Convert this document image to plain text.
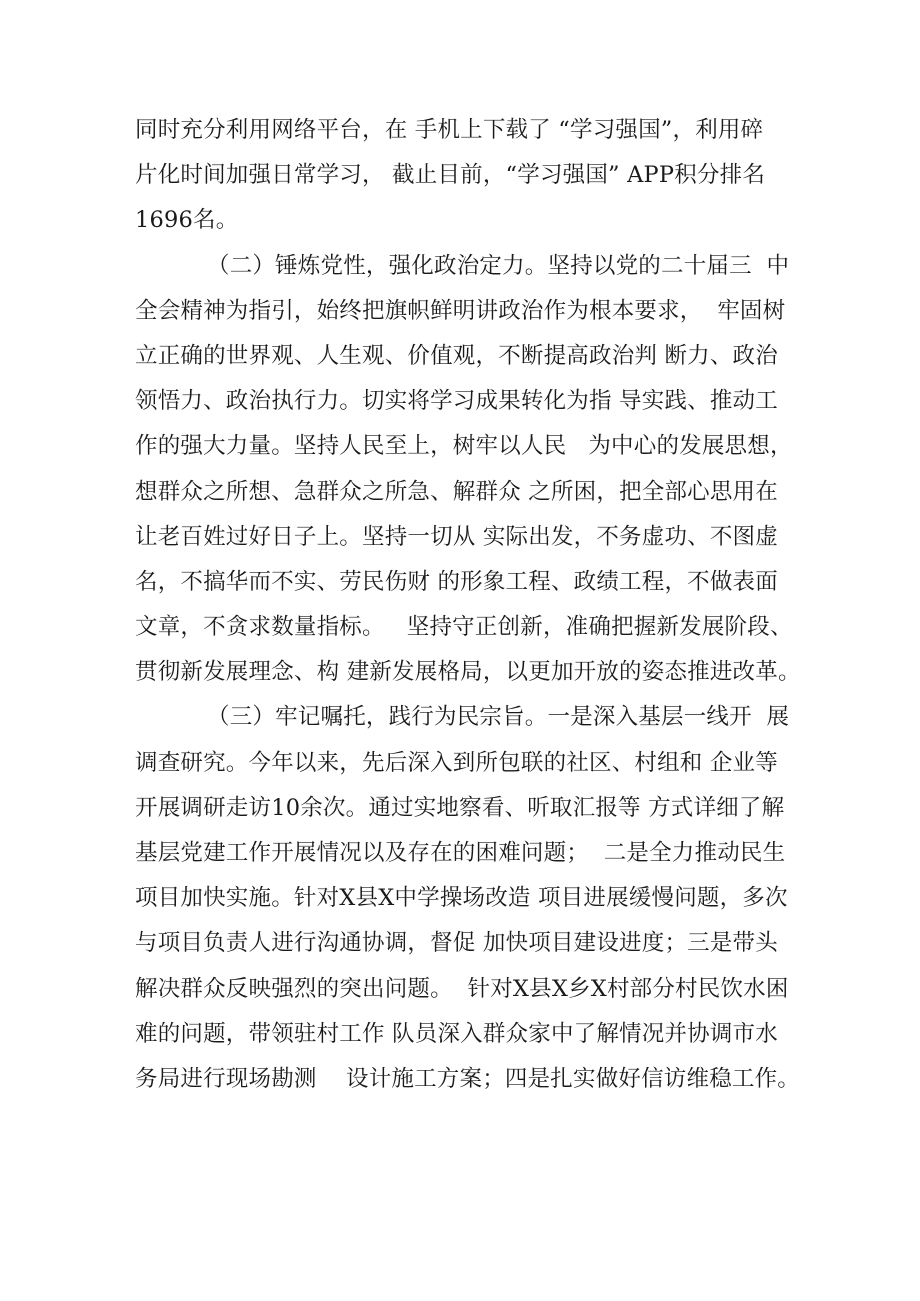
同时充分利用网络平台，在 手机上下载了 “学习强国”，利用碎
片化时间加强日常学习， 截止目前，“学习强国” APP积分排名
1696名。
（二）锤炼党性，强化政治定力。坚持以党的二十届三  中
全会精神为指引，始终把旗帜鲜明讲政治作为根本要求，  牢固树
立正确的世界观、人生观、价值观，不断提高政治判 断力、政治
领悟力、政治执行力。切实将学习成果转化为指 导实践、推动工
作的强大力量。坚持人民至上，树牢以人民   为中心的发展思想，
想群众之所想、急群众之所急、解群众 之所困，把全部心思用在
让老百姓过好日子上。坚持一切从 实际出发，不务虚功、不图虚
名，不搞华而不实、劳民伤财 的形象工程、政绩工程，不做表面
文章，不贪求数量指标。   坚持守正创新，准确把握新发展阶段、
贯彻新发展理念、构 建新发展格局，以更加开放的姿态推进改革。
（三）牢记嘱托，践行为民宗旨。一是深入基层一线开  展
调查研究。今年以来，先后深入到所包联的社区、村组和 企业等
开展调研走访10余次。通过实地察看、听取汇报等 方式详细了解
基层党建工作开展情况以及存在的困难问题；  二是全力推动民生
项目加快实施。针对X县X中学操场改造 项目进展缓慢问题，多次
与项目负责人进行沟通协调，督促 加快项目建设进度；三是带头
解决群众反映强烈的突出问题。  针对X县X乡X村部分村民饮水困
难的问题，带领驻村工作 队员深入群众家中了解情况并协调市水
务局进行现场勘测    设计施工方案；四是扎实做好信访维稳工作。
